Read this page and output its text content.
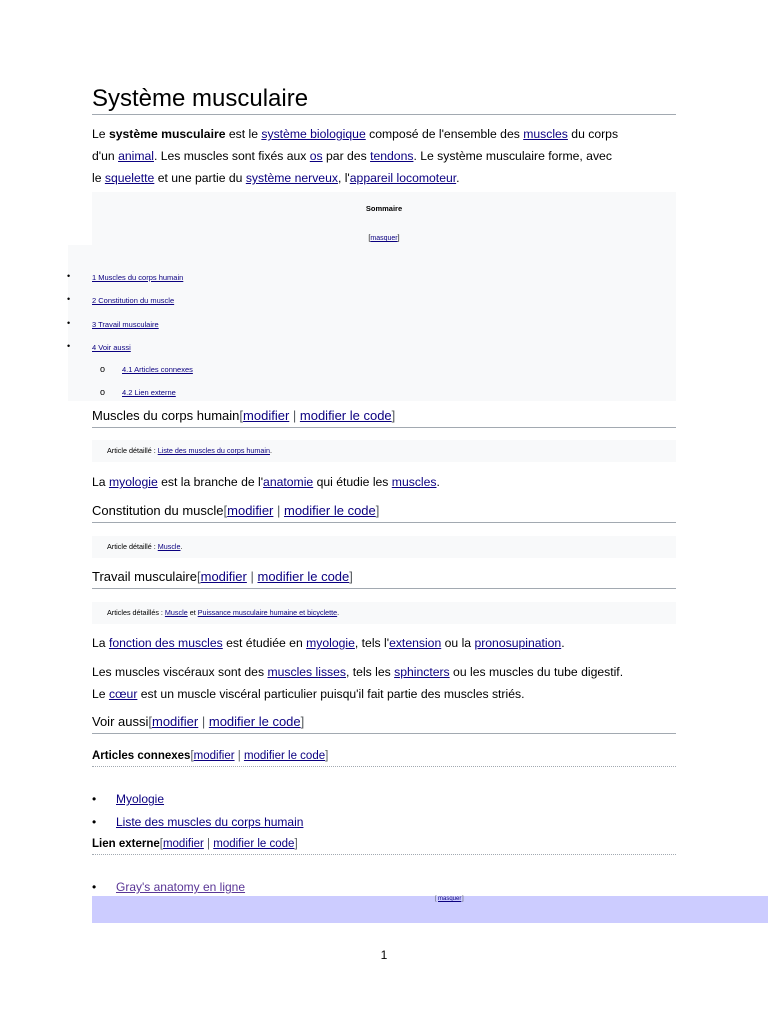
Système musculaire

Le système musculaire est le système biologique composé de l'ensemble des muscles du corps

d'un animal. Les muscles sont fixés aux os par des tendons. Le système musculaire forme, avec

le squelette et une partie du système nerveux, l'appareil locomoteur.

Sommaire
[masquer]
•	1 Muscles du corps humain
•	2 Constitution du muscle
•	3 Travail musculaire
•	4 Voir aussi
o 4.1 Articles connexes
o 4.2 Lien externe
Muscles du corps humain[modifier | modifier le code]
Article détaillé : Liste des muscles du corps humain.

La myologie est la branche de l'anatomie qui étudie les muscles.

Constitution du muscle[modifier | modifier le code]
Article détaillé : Muscle.
Travail musculaire[modifier | modifier le code]
Articles détaillés : Muscle et Puissance musculaire humaine et bicyclette.

La fonction des muscles est étudiée en myologie, tels l'extension ou la pronosupination.

Les muscles viscéraux sont des muscles lisses, tels les sphincters ou les muscles du tube digestif.

Le cœur est un muscle viscéral particulier puisqu'il fait partie des muscles striés.

Voir aussi[modifier | modifier le code]
Articles connexes[modifier | modifier le code]
• Myologie
• Liste des muscles du corps humain
Lien externe[modifier | modifier le code]
• Gray's anatomy en ligne
[ masquer ]
1
